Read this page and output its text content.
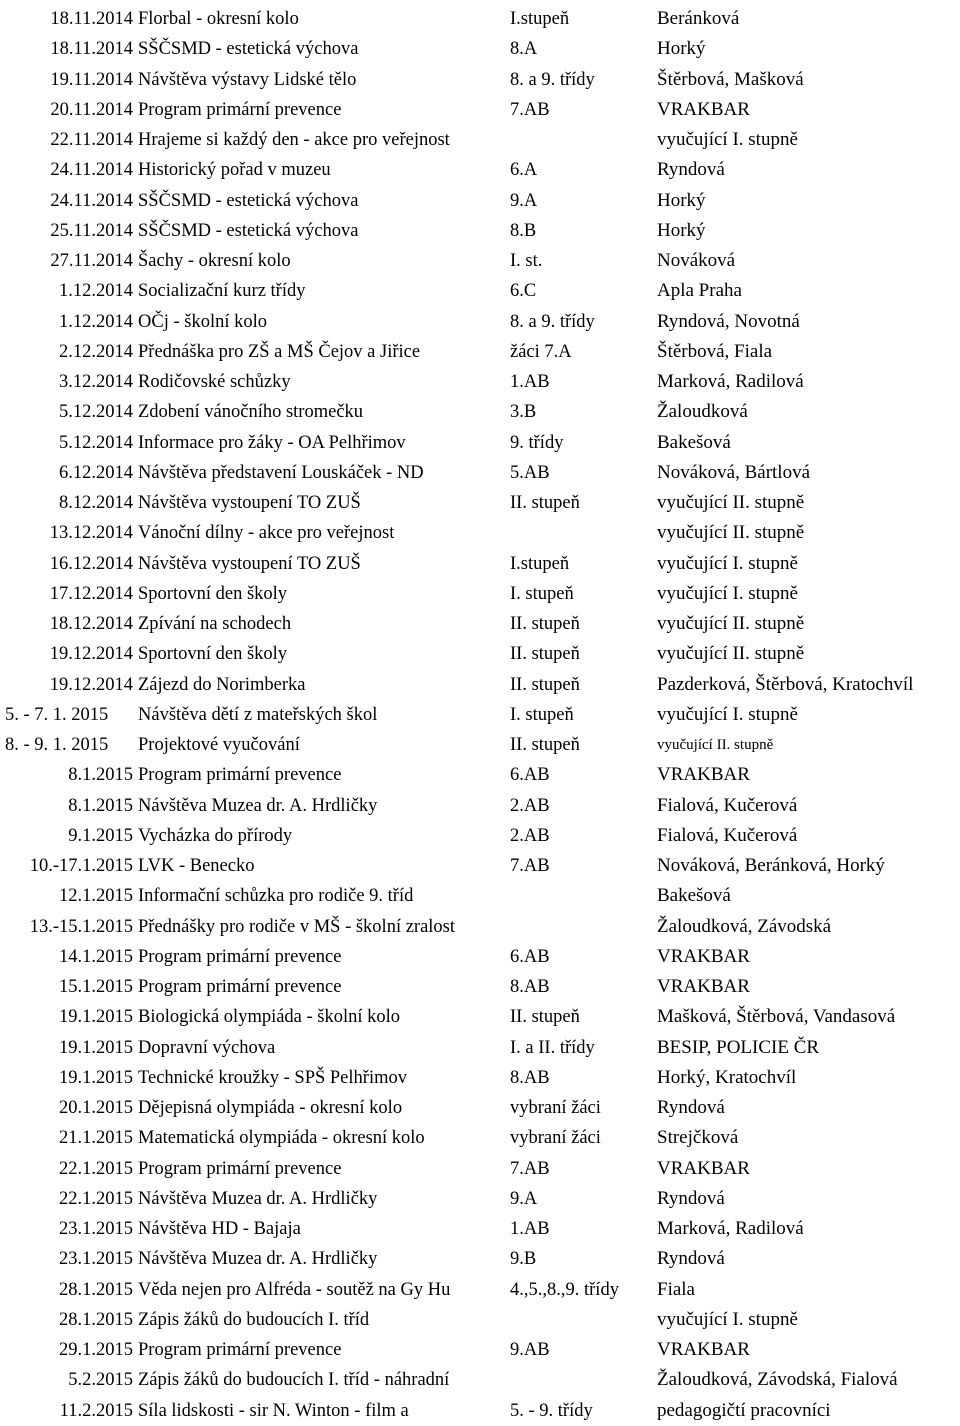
18.11.2014	Florbal - okresní kolo	I.stupeň	Beránková
18.11.2014	SŠČSMD - estetická výchova	8.A	Horký
19.11.2014	Návštěva výstavy Lidské tělo	8. a 9. třídy	Štěrbová, Mašková
20.11.2014	Program primární prevence	7.AB	VRAKBAR
22.11.2014	Hrajeme si každý den - akce pro veřejnost		vyučující I. stupně
24.11.2014	Historický pořad v muzeu	6.A	Ryndová
24.11.2014	SŠČSMD - estetická výchova	9.A	Horký
25.11.2014	SŠČSMD - estetická výchova	8.B	Horký
27.11.2014	Šachy - okresní kolo	I. st.	Nováková
1.12.2014	Socializační kurz třídy	6.C	Apla Praha
1.12.2014	OČj - školní kolo	8. a 9. třídy	Ryndová, Novotná
2.12.2014	Přednáška pro ZŠ a MŠ Čejov a Jiřice	žáci 7.A	Štěrbová, Fiala
3.12.2014	Rodičovské schůzky	1.AB	Marková, Radilová
5.12.2014	Zdobení vánočního stromečku	3.B	Žaloudková
5.12.2014	Informace pro žáky - OA Pelhřimov	9. třídy	Bakešová
6.12.2014	Návštěva představení Louskáček - ND	5.AB	Nováková, Bártlová
8.12.2014	Návštěva vystoupení TO ZUŠ	II. stupeň	vyučující II. stupně
13.12.2014	Vánoční dílny - akce pro veřejnost		vyučující II. stupně
16.12.2014	Návštěva vystoupení TO ZUŠ	I.stupeň	vyučující I. stupně
17.12.2014	Sportovní den školy	I. stupeň	vyučující I. stupně
18.12.2014	Zpívání na schodech	II. stupeň	vyučující II. stupně
19.12.2014	Sportovní den školy	II. stupeň	vyučující II. stupně
19.12.2014	Zájezd do Norimberka	II. stupeň	Pazderková, Štěrbová, Kratochvíl
5. - 7. 1. 2015	Návštěva dětí z mateřských škol	I. stupeň	vyučující I. stupně
8. - 9. 1. 2015	Projektové vyučování	II. stupeň	vyučující II. stupně
8.1.2015	Program primární prevence	6.AB	VRAKBAR
8.1.2015	Návštěva Muzea dr. A. Hrdličky	2.AB	Fialová, Kučerová
9.1.2015	Vycházka do přírody	2.AB	Fialová, Kučerová
10.-17.1.2015	LVK - Benecko	7.AB	Nováková, Beránková, Horký
12.1.2015	Informační schůzka pro rodiče 9. tříd		Bakešová
13.-15.1.2015	Přednášky pro rodiče v MŠ - školní zralost		Žaloudková, Závodská
14.1.2015	Program primární prevence	6.AB	VRAKBAR
15.1.2015	Program primární prevence	8.AB	VRAKBAR
19.1.2015	Biologická olympiáda - školní kolo	II. stupeň	Mašková, Štěrbová, Vandasová
19.1.2015	Dopravní výchova	I. a II. třídy	BESIP, POLICIE ČR
19.1.2015	Technické kroužky - SPŠ Pelhřimov	8.AB	Horký, Kratochvíl
20.1.2015	Dějepisná olympiáda - okresní kolo	vybraní žáci	Ryndová
21.1.2015	Matematická olympiáda - okresní kolo	vybraní žáci	Strejčková
22.1.2015	Program primární prevence	7.AB	VRAKBAR
22.1.2015	Návštěva Muzea dr. A. Hrdličky	9.A	Ryndová
23.1.2015	Návštěva HD - Bajaja	1.AB	Marková, Radilová
23.1.2015	Návštěva Muzea dr. A. Hrdličky	9.B	Ryndová
28.1.2015	Věda nejen pro Alfréda - soutěž na Gy Hu	4.,5.,8.,9. třídy	Fiala
28.1.2015	Zápis žáků do budoucích I. tříd		vyučující I. stupně
29.1.2015	Program primární prevence	9.AB	VRAKBAR
5.2.2015	Zápis žáků do budoucích I. tříd - náhradní		Žaloudková, Závodská, Fialová
11.2.2015	Síla lidskosti - sir N. Winton - film a	5. - 9. třídy	pedagogičtí pracovníci
